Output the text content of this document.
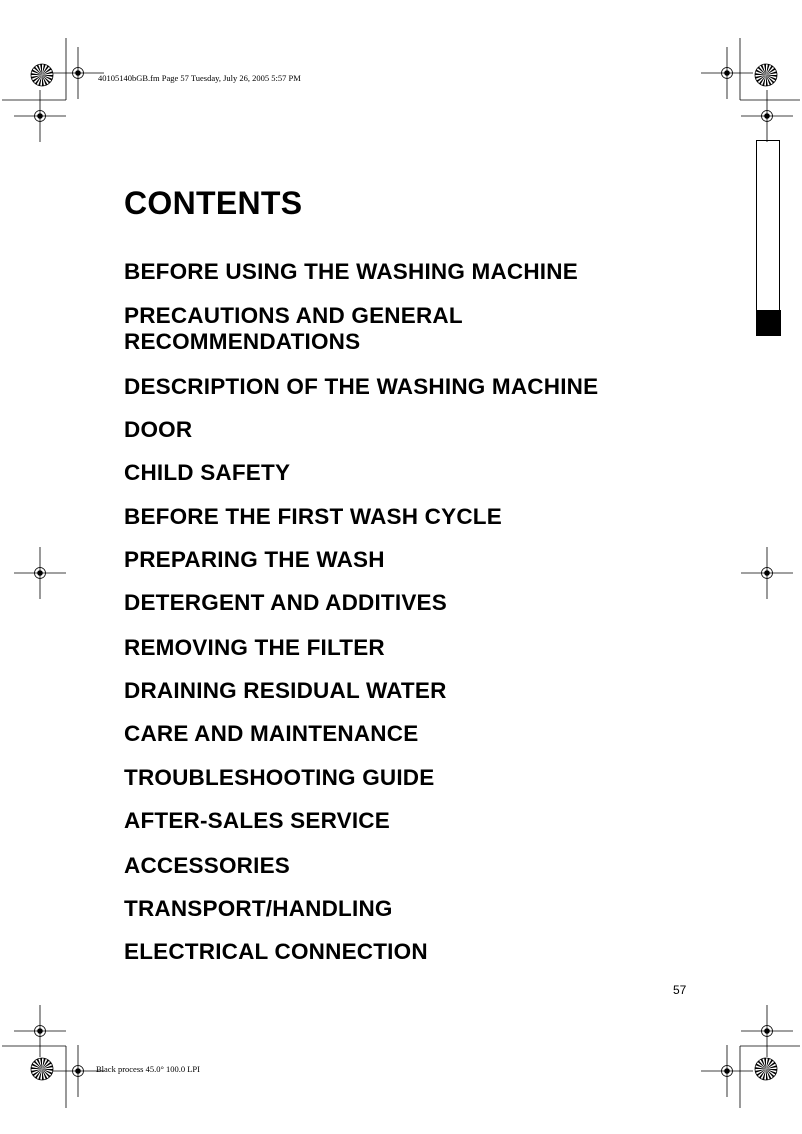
40105140bGB.fm Page 57 Tuesday, July 26, 2005 5:57 PM
CONTENTS

BEFORE USING THE WASHING MACHINE

PRECAUTIONS AND GENERAL

RECOMMENDATIONS

DESCRIPTION OF THE WASHING MACHINE

DOOR

CHILD SAFETY

BEFORE THE FIRST WASH CYCLE

PREPARING THE WASH

DETERGENT AND ADDITIVES

REMOVING THE FILTER

DRAINING RESIDUAL WATER

CARE AND MAINTENANCE

TROUBLESHOOTING GUIDE

AFTER-SALES SERVICE

ACCESSORIES

TRANSPORT/HANDLING

ELECTRICAL CONNECTION

57
Black process 45.0° 100.0 LPI
